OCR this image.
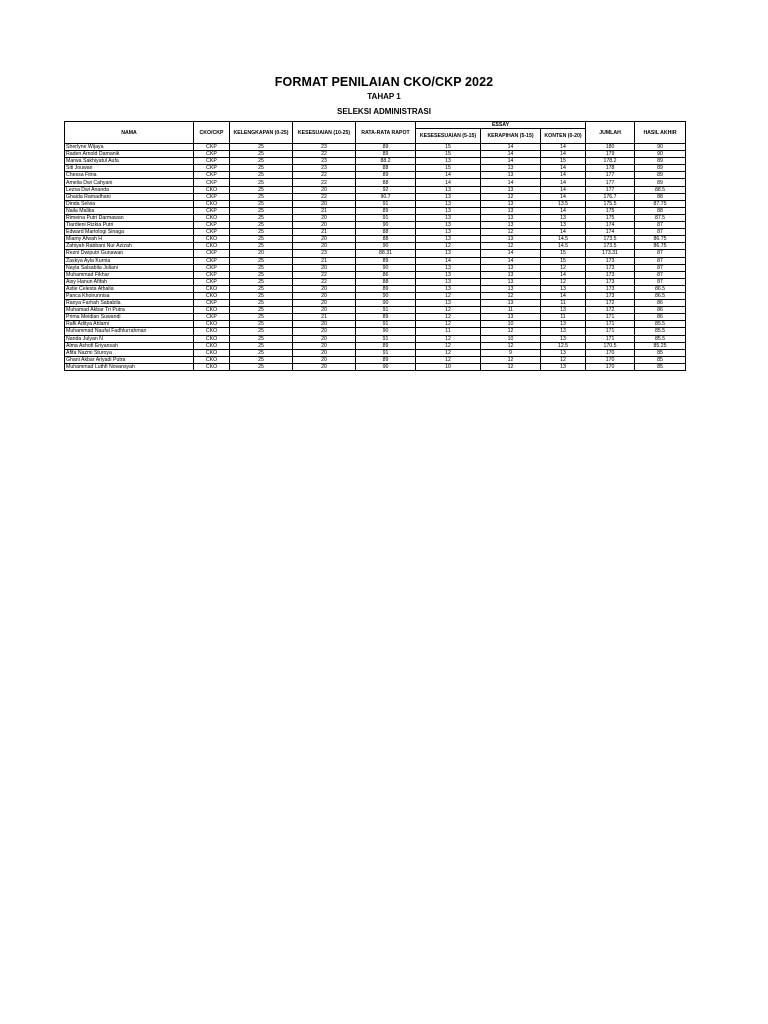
FORMAT PENILAIAN CKO/CKP 2022
TAHAP 1
SELEKSI ADMINISTRASI
NAMA	CKO/CKP	KELENGKAPAN (0-25)	KESESUAIAN (10-25)	RATA-RATA RAPOT	ESSAY			JUMLAH	HASIL AKHIR
					KESESESUAIAN (5-15)	KERAPIHAN (5-15)	KONTEN (0-20)		
Sherlyne Wijaya	CKP	25	23	89	15	14	14	180	90
Raden Arnold Damanik	CKP	25	22	89	15	14	14	179	90
Marwa Sakhiyatul Aufa	CKP	25	23	88.2	13	14	15	178.2	89
Siti Jouwan	CKP	25	23	88	15	13	14	178	89
Chessa Fitria	CKP	25	22	89	14	13	14	177	89
Amelia Dwi Cahyani	CKP	25	22	88	14	14	14	177	89
Lezsa Dwi Ananda	CKO	25	20	92	13	13	14	177	88.5
Ghaida Ramadhani	CKP	25	22	90.7	13	12	14	176.7	88
Dinda Selvia	CKO	25	20	91	13	13	13.5	175.5	87.75
Naila Malika	CKP	25	21	89	13	13	14	175	88
Rimeina Putri Darmawan	CKO	25	20	91	13	13	13	175	87.5
Tiardieni Rizkia Putri	CKP	25	20	90	13	13	13	174	87
Edward Martologi Sinaga	CKP	25	21	88	13	12	14	174	87
Miamy Afwah H	CKO	25	20	88	13	13	14.5	173.5	86.75
Zahiyah Rabbani Nur Azizah	CKO	25	20	90	12	12	14.5	173.5	86.75
Rezni Dwiputri Gunawan	CKP	20	23	88.31	13	14	15	173.31	87
Zaskya Ayla Kurnia	CKP	25	21	89	14	14	15	173	87
Nayla Salsabila Juliani	CKP	25	20	90	13	13	12	173	87
Muhammad Fikhar	CKP	25	22	86	13	13	14	173	87
Aisy Hanun Afifah	CKP	25	22	88	13	13	12	173	87
Astie Celesta Athalia	CKO	25	20	89	13	13	13	173	86.5
Panca Khoirunnisa	CKO	25	20	90	12	12	14	173	86.5
Ranya Farhah Sababila	CKP	25	20	90	13	13	11	172	86
Muhamad Akbar Tri Putra	CKO	25	20	91	12	11	13	172	86
Prima Meidian Suwandi	CKP	25	21	89	12	13	11	171	86
Rafli Aditya Ahlami	CKO	25	20	91	12	10	13	171	85.5
Muhammad Naufal Fadhlurrahman	CKO	25	20	90	11	12	13	171	85.5
Nanda Julyan N	CKO	25	20	91	12	10	13	171	85.5
Alma Ashofi Eriyansah	CKO	25	20	89	12	12	12.5	170.5	85.25
Afifa Nazmi Sturoya	CKO	25	20	91	12	9	13	170	85
Ghani Akbar Ariyadi Putra	CKO	25	20	89	12	12	12	170	85
Muhammad Luthfi Novansyah	CKO	25	20	90	10	12	13	170	85
